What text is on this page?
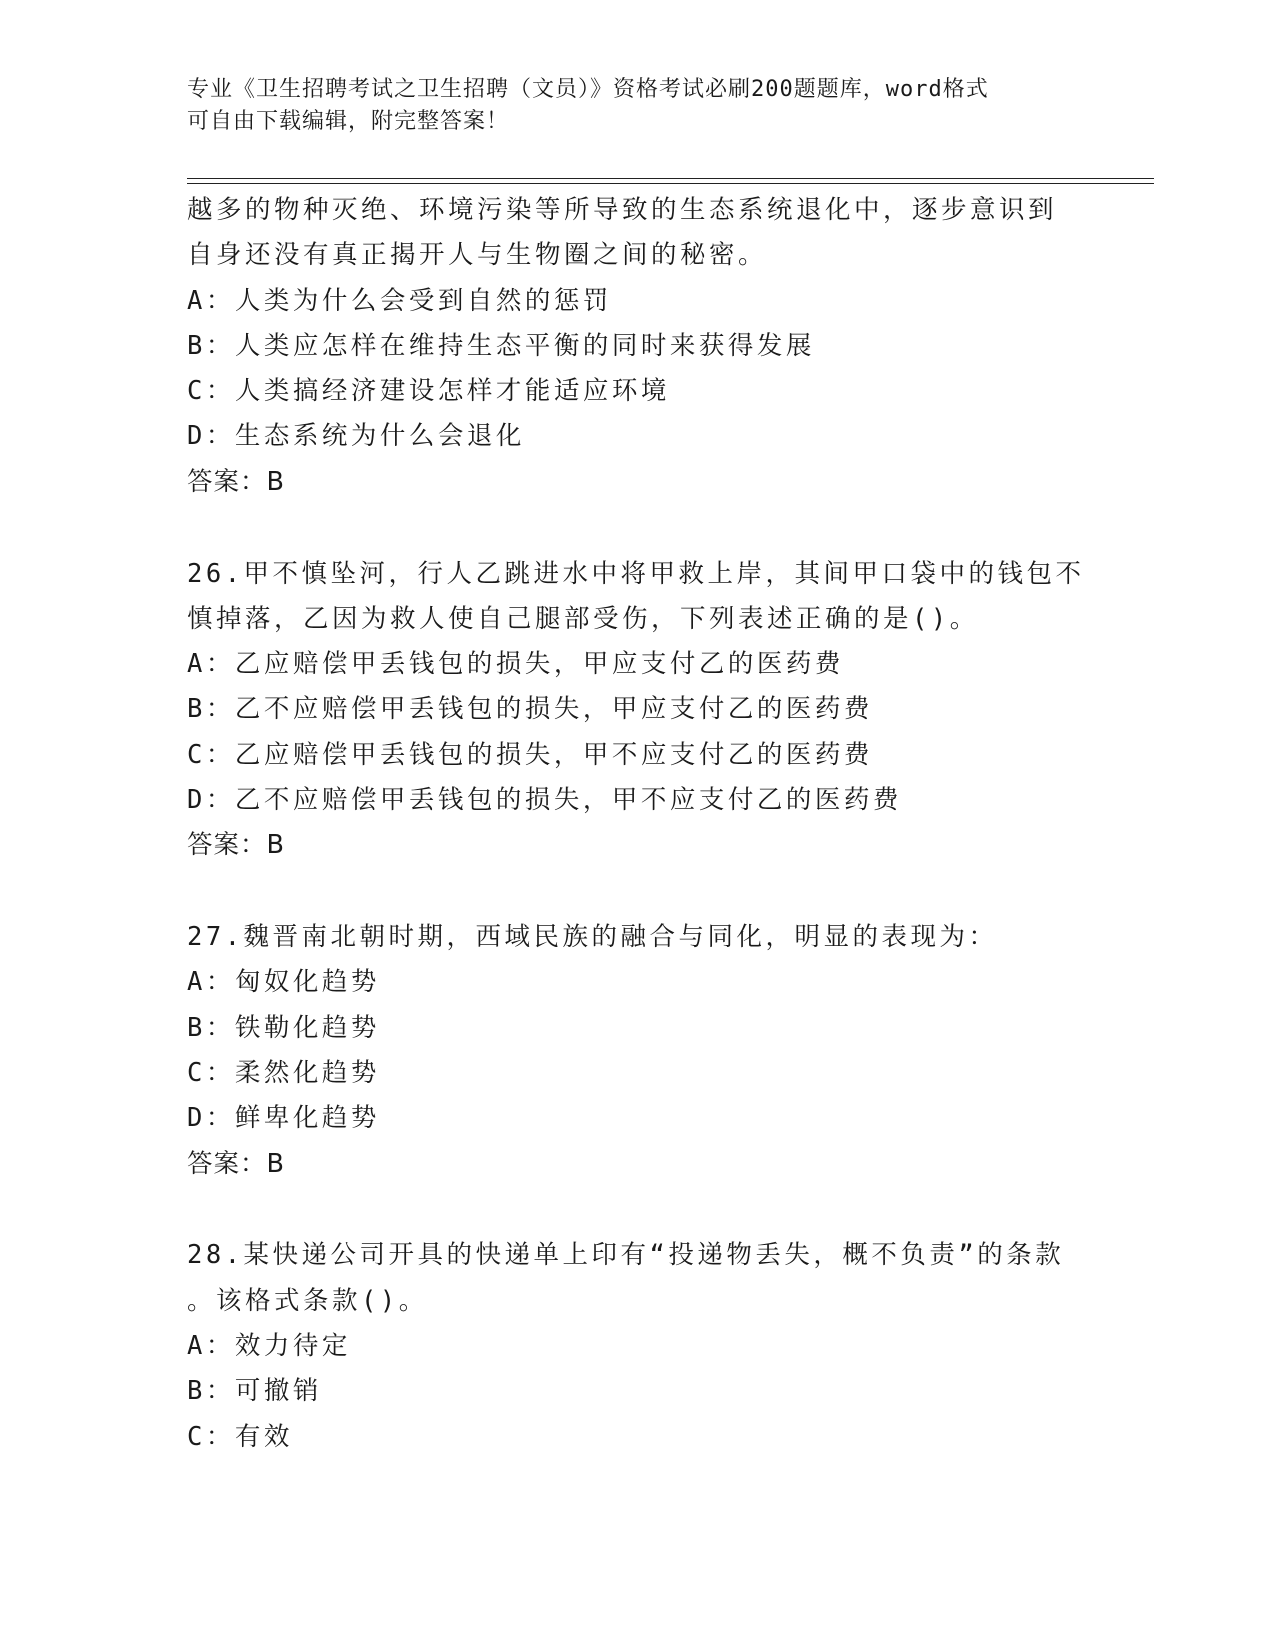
专业《卫生招聘考试之卫生招聘（文员）》资格考试必刷200题题库，word格式
可自由下载编辑，附完整答案！
越多的物种灭绝、环境污染等所导致的生态系统退化中，逐步意识到
自身还没有真正揭开人与生物圈之间的秘密。
A：人类为什么会受到自然的惩罚
B：人类应怎样在维持生态平衡的同时来获得发展
C：人类搞经济建设怎样才能适应环境
D：生态系统为什么会退化
答案：B
26.甲不慎坠河，行人乙跳进水中将甲救上岸，其间甲口袋中的钱包不
慎掉落，乙因为救人使自己腿部受伤，下列表述正确的是()。
A：乙应赔偿甲丢钱包的损失，甲应支付乙的医药费
B：乙不应赔偿甲丢钱包的损失，甲应支付乙的医药费
C：乙应赔偿甲丢钱包的损失，甲不应支付乙的医药费
D：乙不应赔偿甲丢钱包的损失，甲不应支付乙的医药费
答案：B
27.魏晋南北朝时期，西域民族的融合与同化，明显的表现为：
A：匈奴化趋势
B：铁勒化趋势
C：柔然化趋势
D：鲜卑化趋势
答案：B
28.某快递公司开具的快递单上印有“投递物丢失，概不负责”的条款
。该格式条款()。
A：效力待定
B：可撤销
C：有效
